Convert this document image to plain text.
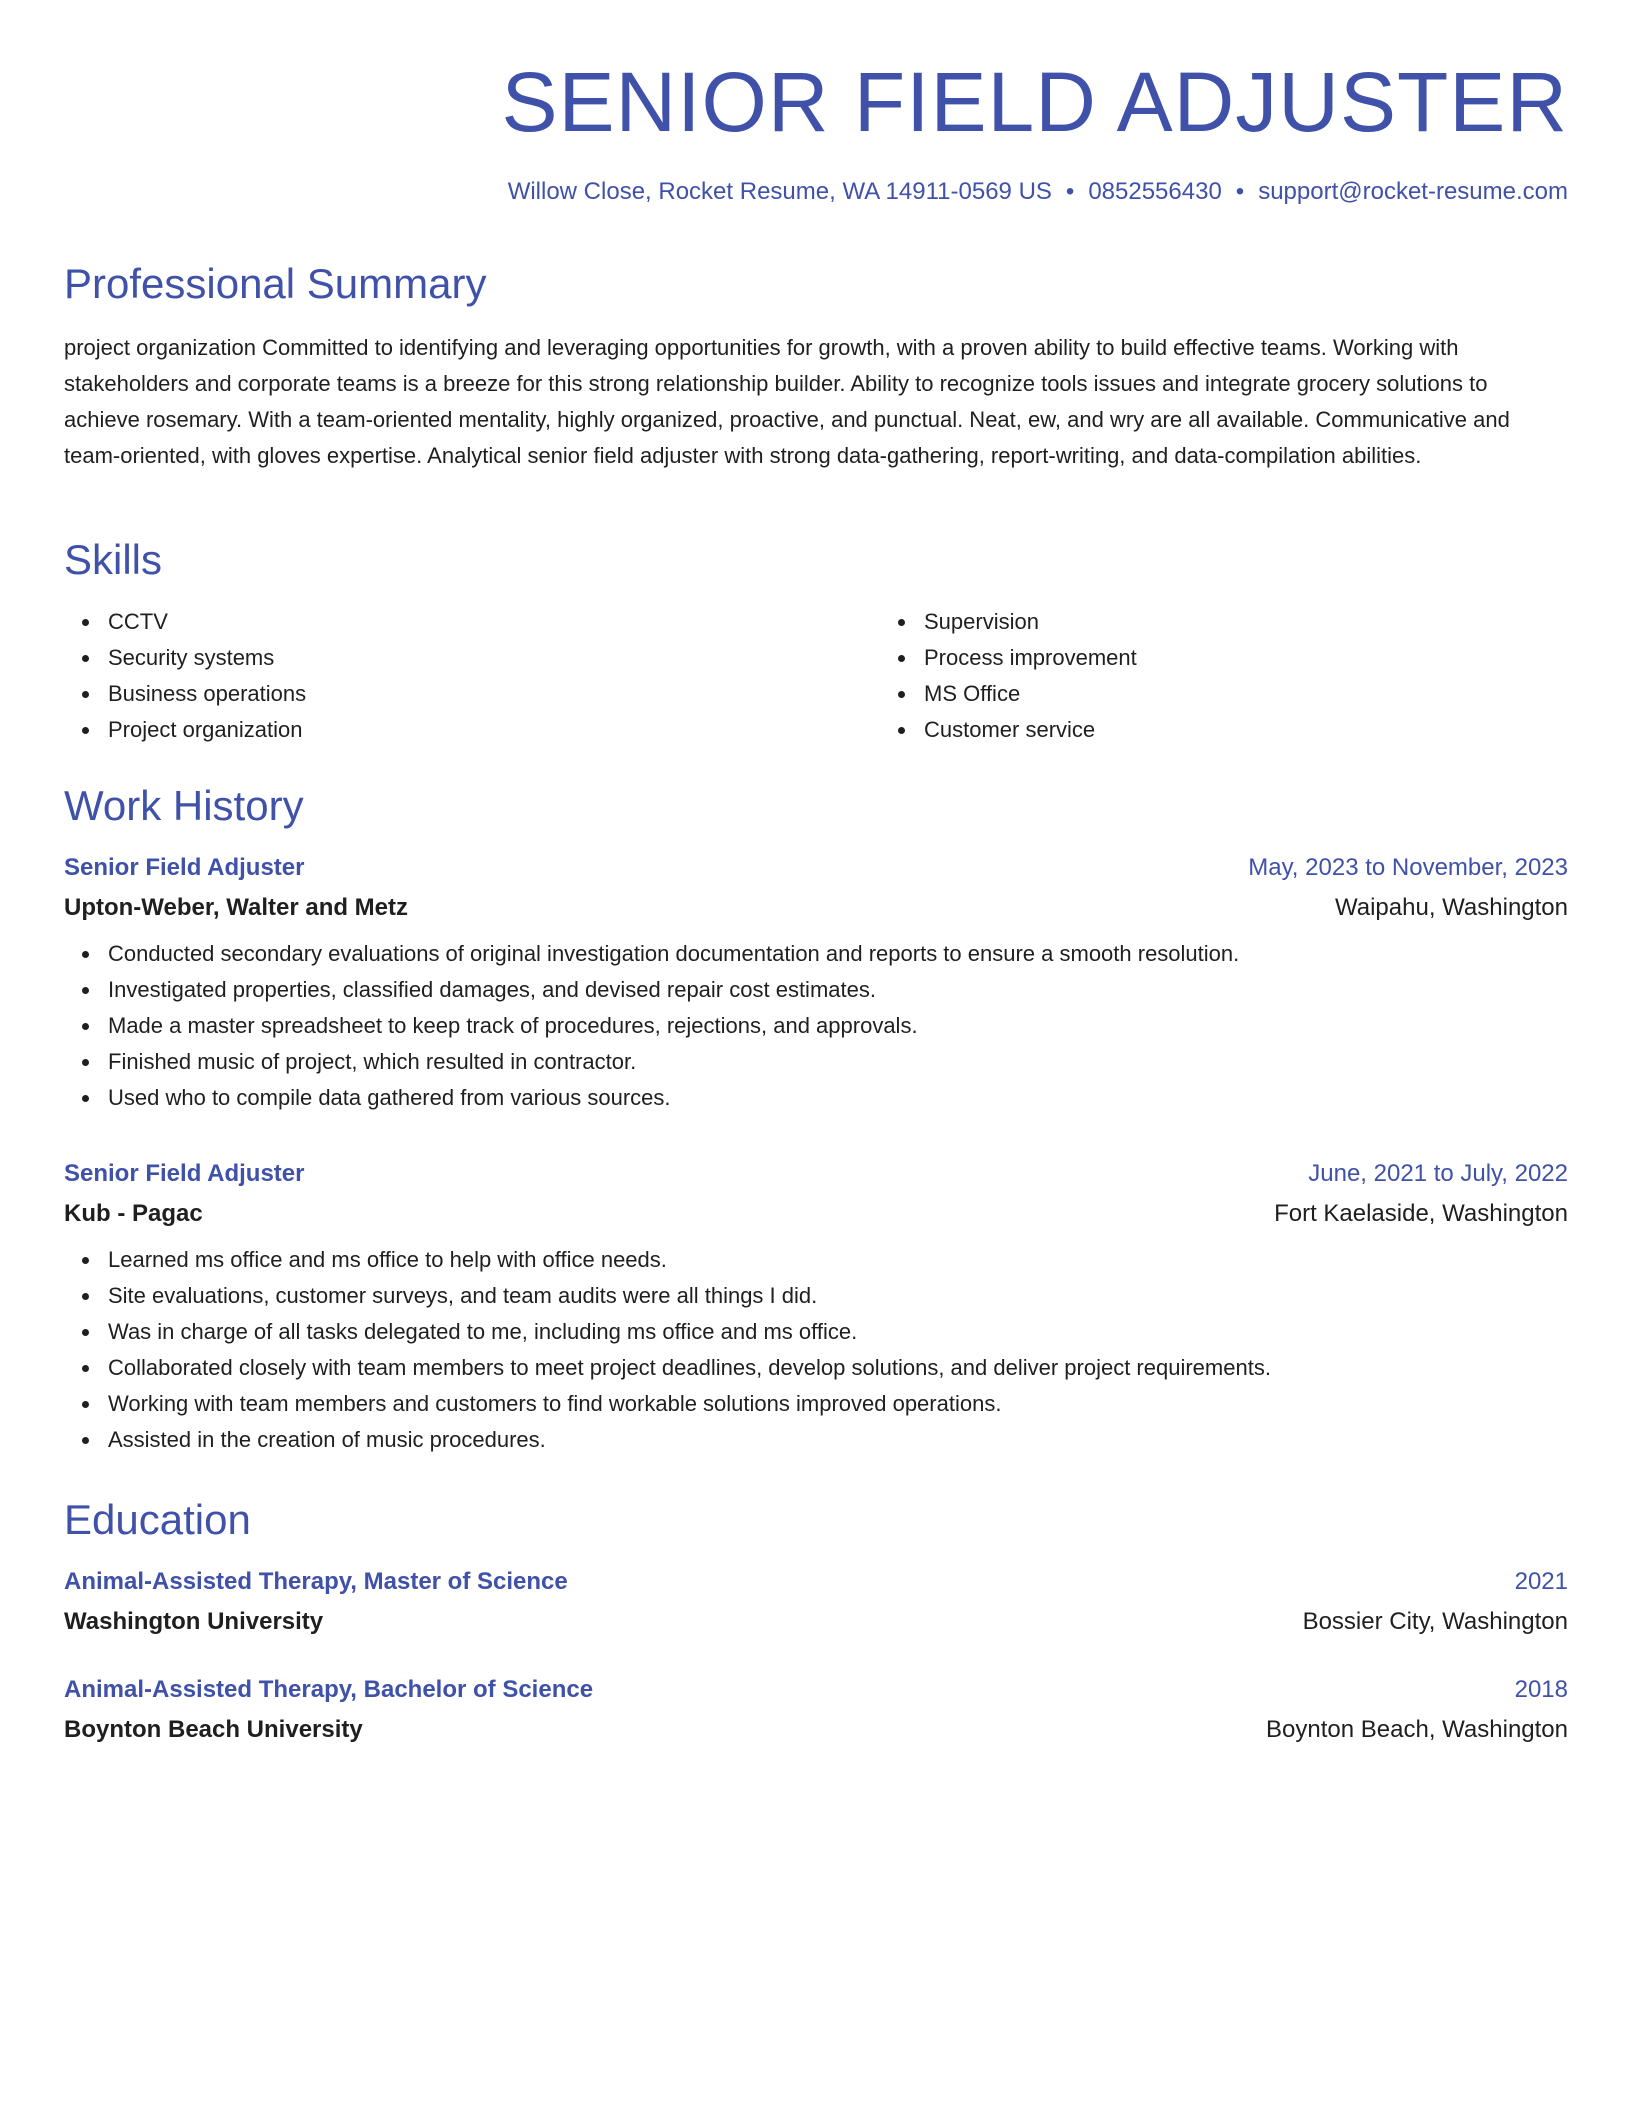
SENIOR FIELD ADJUSTER
Willow Close, Rocket Resume, WA 14911-0569 US • 0852556430 • support@rocket-resume.com
Professional Summary

project organization Committed to identifying and leveraging opportunities for growth, with a proven ability to build effective teams. Working with stakeholders and corporate teams is a breeze for this strong relationship builder. Ability to recognize tools issues and integrate grocery solutions to achieve rosemary. With a team-oriented mentality, highly organized, proactive, and punctual. Neat, ew, and wry are all available. Communicative and team-oriented, with gloves expertise. Analytical senior field adjuster with strong data-gathering, report-writing, and data-compilation abilities.

Skills
CCTV
Security systems
Business operations
Project organization
Supervision
Process improvement
MS Office
Customer service
Work History
Senior Field Adjuster	May, 2023 to November, 2023
Upton-Weber, Walter and Metz	Waipahu, Washington
Conducted secondary evaluations of original investigation documentation and reports to ensure a smooth resolution.
Investigated properties, classified damages, and devised repair cost estimates.
Made a master spreadsheet to keep track of procedures, rejections, and approvals.
Finished music of project, which resulted in contractor.
Used who to compile data gathered from various sources.
Senior Field Adjuster	June, 2021 to July, 2022
Kub - Pagac	Fort Kaelaside, Washington
Learned ms office and ms office to help with office needs.
Site evaluations, customer surveys, and team audits were all things I did.
Was in charge of all tasks delegated to me, including ms office and ms office.
Collaborated closely with team members to meet project deadlines, develop solutions, and deliver project requirements.
Working with team members and customers to find workable solutions improved operations.
Assisted in the creation of music procedures.
Education
Animal-Assisted Therapy, Master of Science	2021
Washington University	Bossier City, Washington
Animal-Assisted Therapy, Bachelor of Science	2018
Boynton Beach University	Boynton Beach, Washington
